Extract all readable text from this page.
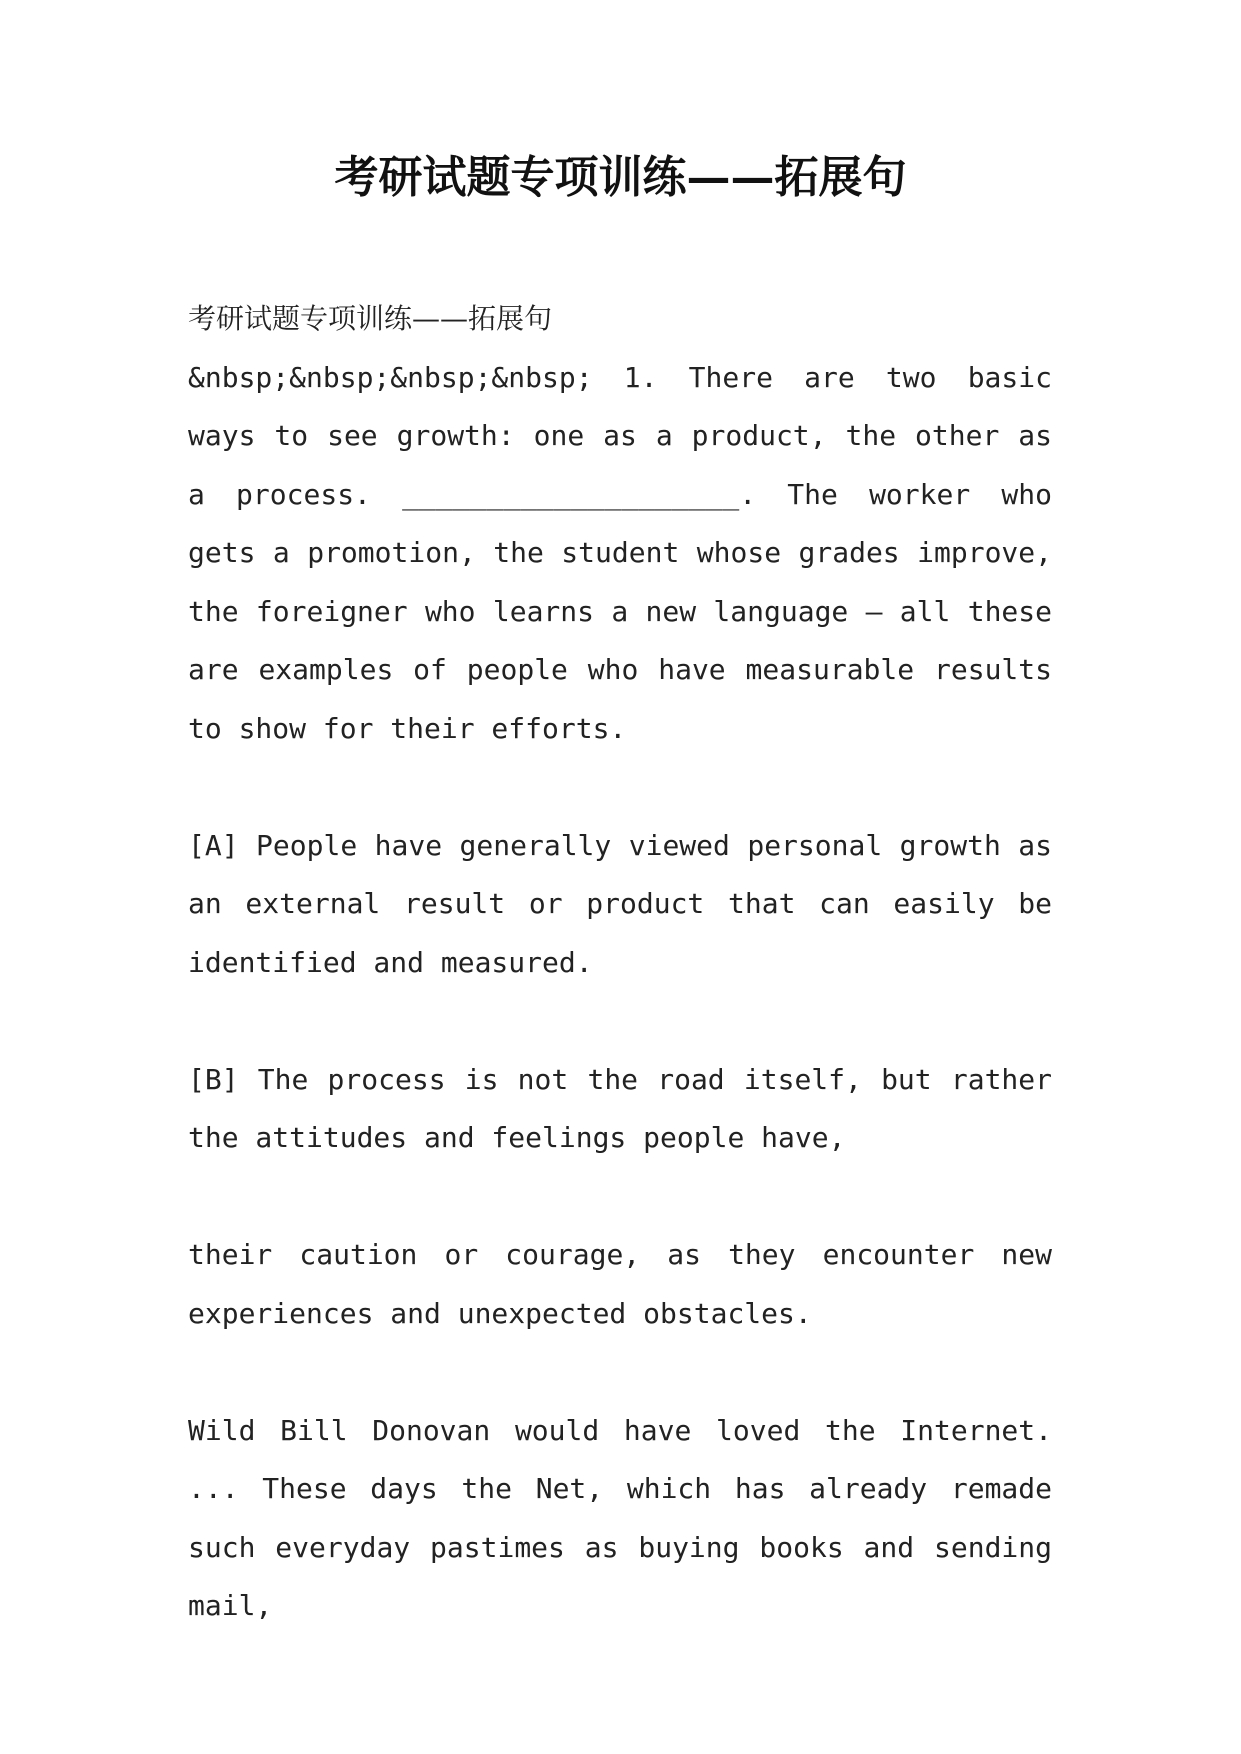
考研试题专项训练——拓展句

考研试题专项训练——拓展句

&nbsp;&nbsp;&nbsp;&nbsp; 1. There are two basic ways to see growth: one as a product, the other as a process. ____________________. The worker who gets a promotion, the student whose grades improve, the foreigner who learns a new language — all these are examples of people who have measurable results to show for their efforts.

[A] People have generally viewed personal growth as an external result or product that can easily be identified and measured.

[B] The process is not the road itself, but rather the attitudes and feelings people have,

their caution or courage, as they encounter new experiences and unexpected obstacles.

Wild Bill Donovan would have loved the Internet. ... These days the Net, which has already remade such everyday pastimes as buying books and sending mail,
